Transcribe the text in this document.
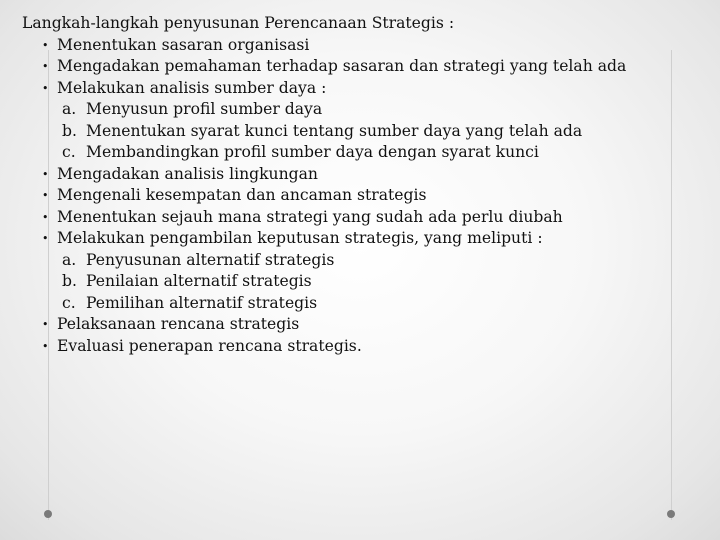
Langkah-langkah penyusunan Perencanaan Strategis :
• Menentukan sasaran organisasi
• Mengadakan pemahaman terhadap sasaran dan strategi yang telah ada
• Melakukan analisis sumber daya :
a. Menyusun profil sumber daya
b. Menentukan syarat kunci tentang sumber daya yang telah ada
c. Membandingkan profil sumber daya dengan syarat kunci
• Mengadakan analisis lingkungan
• Mengenali kesempatan dan ancaman strategis
• Menentukan sejauh mana strategi yang sudah ada perlu diubah
• Melakukan pengambilan keputusan strategis, yang meliputi :
a. Penyusunan alternatif strategis
b. Penilaian alternatif strategis
c. Pemilihan alternatif strategis
• Pelaksanaan rencana strategis
• Evaluasi penerapan rencana strategis.
